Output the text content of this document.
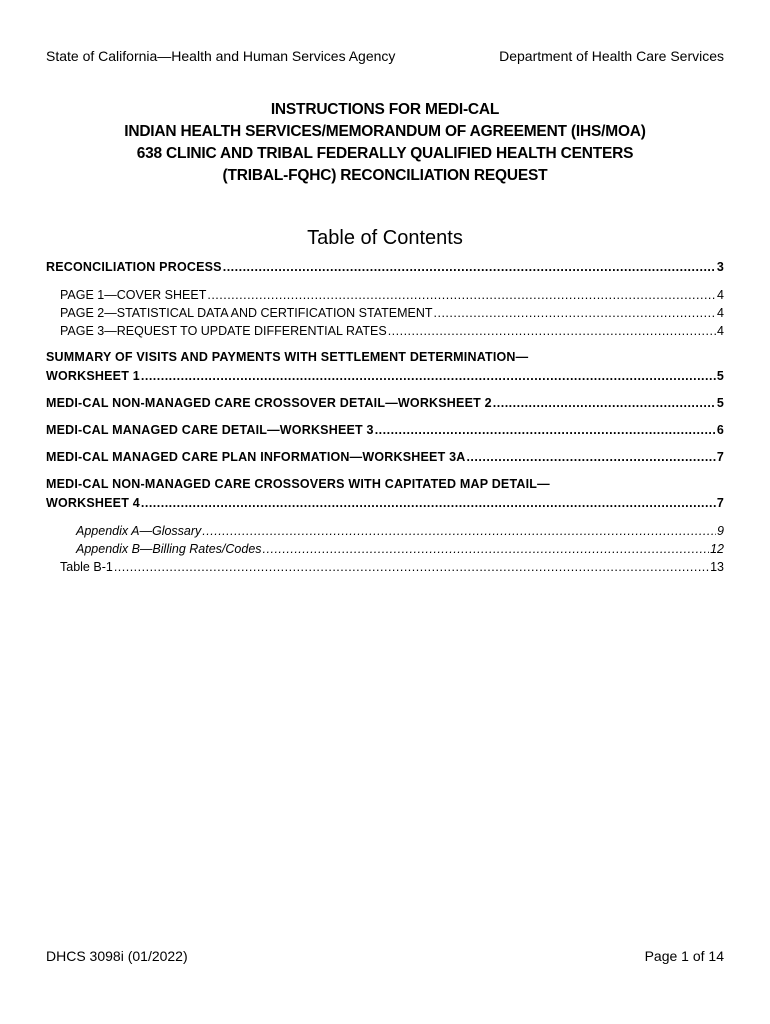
State of California—Health and Human Services Agency	Department of Health Care Services
INSTRUCTIONS FOR MEDI-CAL
INDIAN HEALTH SERVICES/MEMORANDUM OF AGREEMENT (IHS/MOA)
638 CLINIC AND TRIBAL FEDERALLY QUALIFIED HEALTH CENTERS
(TRIBAL-FQHC) RECONCILIATION REQUEST
Table of Contents
RECONCILIATION PROCESS .....	3
PAGE 1—COVER SHEET .....	4
PAGE 2—STATISTICAL DATA AND CERTIFICATION STATEMENT .....	4
PAGE 3—REQUEST TO UPDATE DIFFERENTIAL RATES .....	4
SUMMARY OF VISITS AND PAYMENTS WITH SETTLEMENT DETERMINATION—
WORKSHEET 1 .....	5
MEDI-CAL NON-MANAGED CARE CROSSOVER DETAIL—WORKSHEET 2 .....	5
MEDI-CAL MANAGED CARE DETAIL—WORKSHEET 3 .....	6
MEDI-CAL MANAGED CARE PLAN INFORMATION—WORKSHEET 3A .....	7
MEDI-CAL NON-MANAGED CARE CROSSOVERS WITH CAPITATED MAP DETAIL—
WORKSHEET 4 .....	7
Appendix A—Glossary .....	9
Appendix B—Billing Rates/Codes .....	12
Table B-1 .....	13
DHCS 3098i (01/2022)	Page 1 of 14
